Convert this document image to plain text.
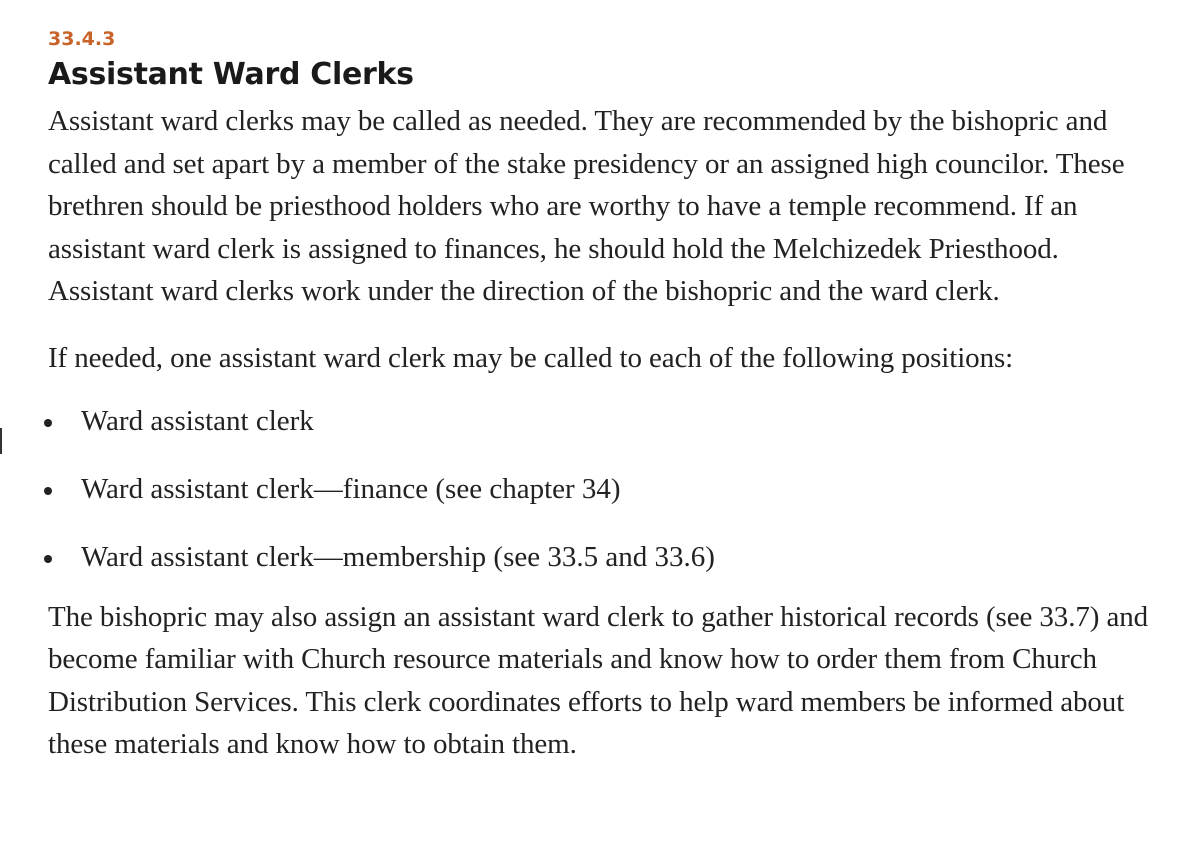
33.4.3

Assistant Ward Clerks

Assistant ward clerks may be called as needed. They are recommended by the bishopric and called and set apart by a member of the stake presidency or an assigned high councilor. These brethren should be priesthood holders who are worthy to have a temple recommend. If an assistant ward clerk is assigned to finances, he should hold the Melchizedek Priesthood. Assistant ward clerks work under the direction of the bishopric and the ward clerk.

If needed, one assistant ward clerk may be called to each of the following positions:

Ward assistant clerk
Ward assistant clerk—finance (see chapter 34)
Ward assistant clerk—membership (see 33.5 and 33.6)

The bishopric may also assign an assistant ward clerk to gather historical records (see 33.7) and become familiar with Church resource materials and know how to order them from Church Distribution Services. This clerk coordinates efforts to help ward members be informed about these materials and know how to obtain them.
